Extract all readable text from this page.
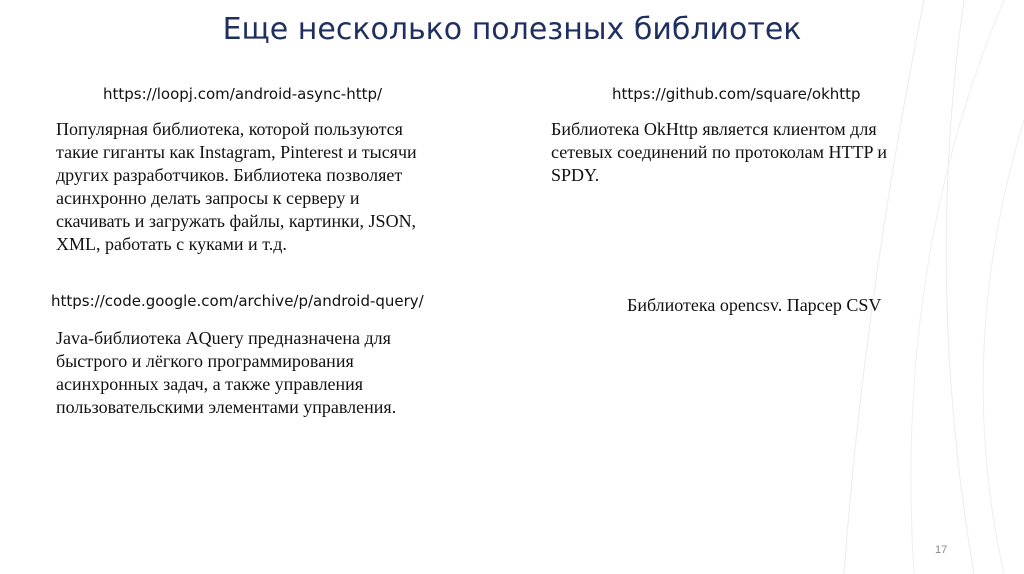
Еще несколько полезных библиотек
https://loopj.com/android-async-http/
Популярная библиотека, которой пользуются
такие гиганты как Instagram, Pinterest и тысячи
других разработчиков. Библиотека позволяет
асинхронно делать запросы к серверу и
скачивать и загружать файлы, картинки, JSON,
XML, работать с куками и т.д.
https://github.com/square/okhttp
Библиотека OkHttp является клиентом для
сетевых соединений по протоколам HTTP и
SPDY.
https://code.google.com/archive/p/android-query/
Java-библиотека AQuery предназначена для
быстрого и лёгкого программирования
асинхронных задач, а также управления
пользовательскими элементами управления.
Библиотека opencsv. Парсер CSV
17
